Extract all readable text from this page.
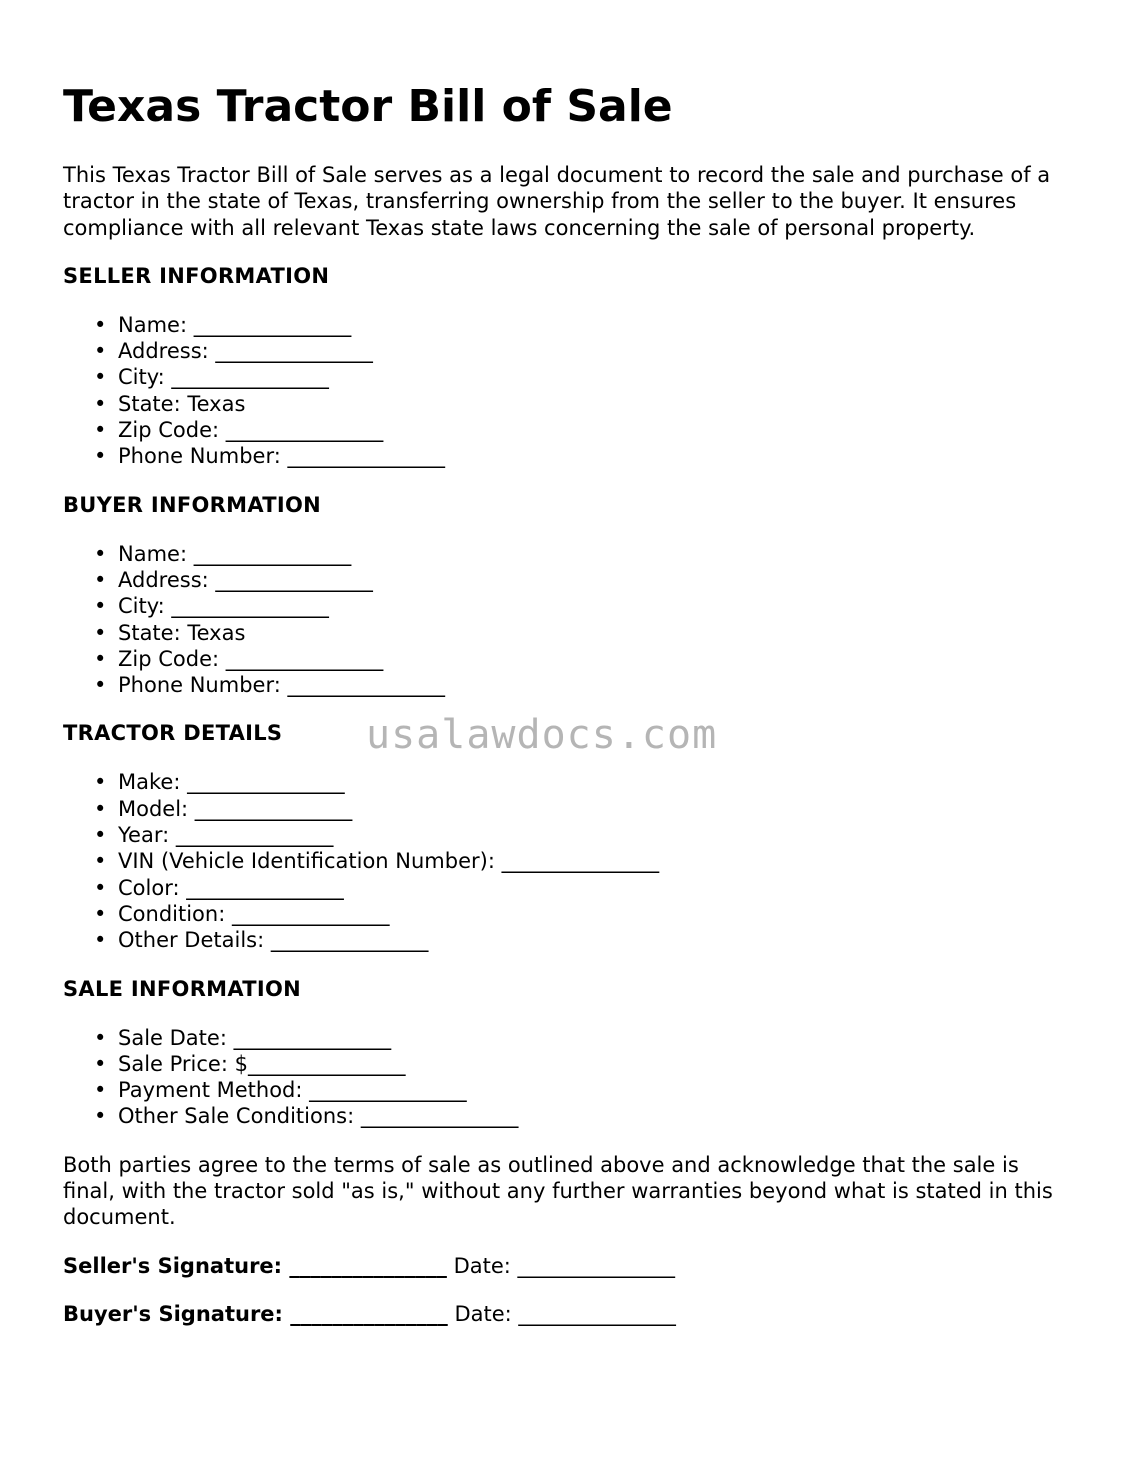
Texas Tractor Bill of Sale

This Texas Tractor Bill of Sale serves as a legal document to record the sale and purchase of a tractor in the state of Texas, transferring ownership from the seller to the buyer. It ensures compliance with all relevant Texas state laws concerning the sale of personal property.

SELLER INFORMATION
• Name: _______________
• Address: _______________
• City: _______________
• State: Texas
• Zip Code: _______________
• Phone Number: _______________
BUYER INFORMATION
• Name: _______________
• Address: _______________
• City: _______________
• State: Texas
• Zip Code: _______________
• Phone Number: _______________
TRACTOR DETAILS
• Make: _______________
• Model: _______________
• Year: _______________
• VIN (Vehicle Identification Number): _______________
• Color: _______________
• Condition: _______________
• Other Details: _______________
SALE INFORMATION
• Sale Date: _______________
• Sale Price: $_______________
• Payment Method: _______________
• Other Sale Conditions: _______________

Both parties agree to the terms of sale as outlined above and acknowledge that the sale is final, with the tractor sold "as is," without any further warranties beyond what is stated in this document.

Seller's Signature: _______________ Date: _______________
Buyer's Signature: _______________ Date: _______________
usalawdocs.com
